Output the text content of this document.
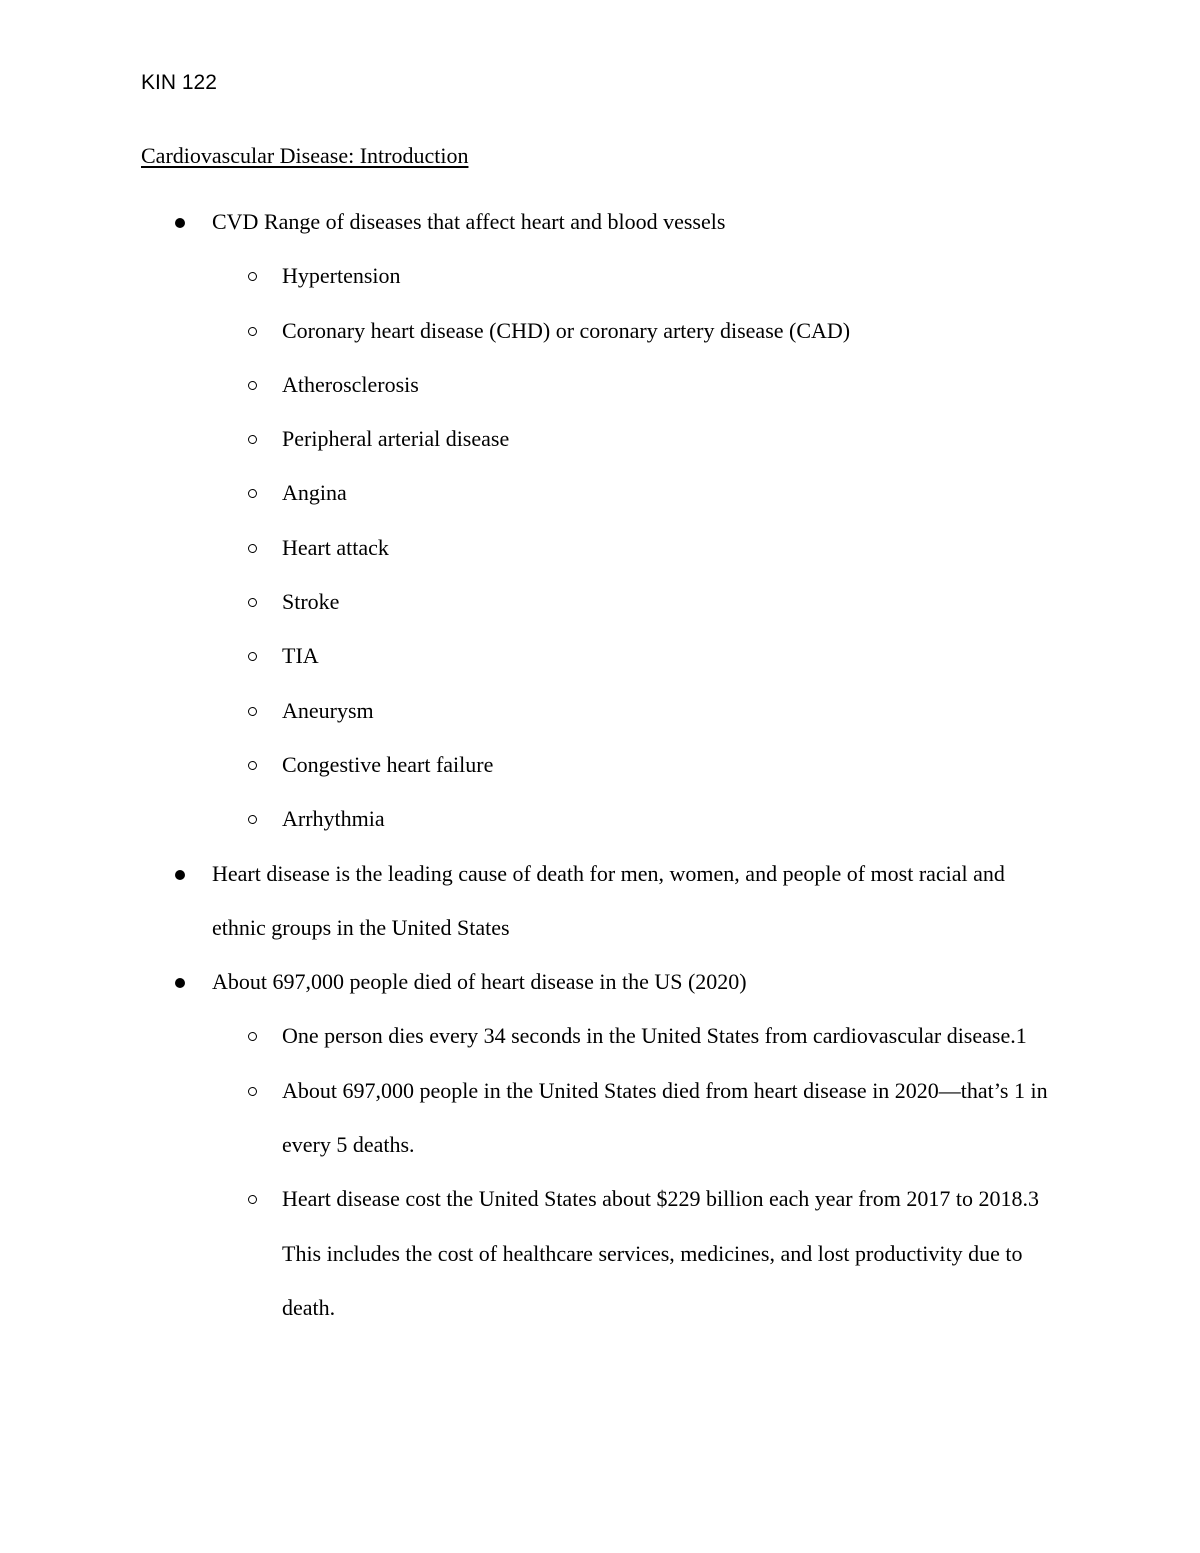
KIN 122
Cardiovascular Disease: Introduction
CVD Range of diseases that affect heart and blood vessels
Hypertension
Coronary heart disease (CHD) or coronary artery disease (CAD)
Atherosclerosis
Peripheral arterial disease
Angina
Heart attack
Stroke
TIA
Aneurysm
Congestive heart failure
Arrhythmia
Heart disease is the leading cause of death for men, women, and people of most racial and ethnic groups in the United States
About 697,000 people died of heart disease in the US (2020)
One person dies every 34 seconds in the United States from cardiovascular disease.1
About 697,000 people in the United States died from heart disease in 2020—that’s 1 in every 5 deaths.
Heart disease cost the United States about $229 billion each year from 2017 to 2018.3 This includes the cost of healthcare services, medicines, and lost productivity due to death.
